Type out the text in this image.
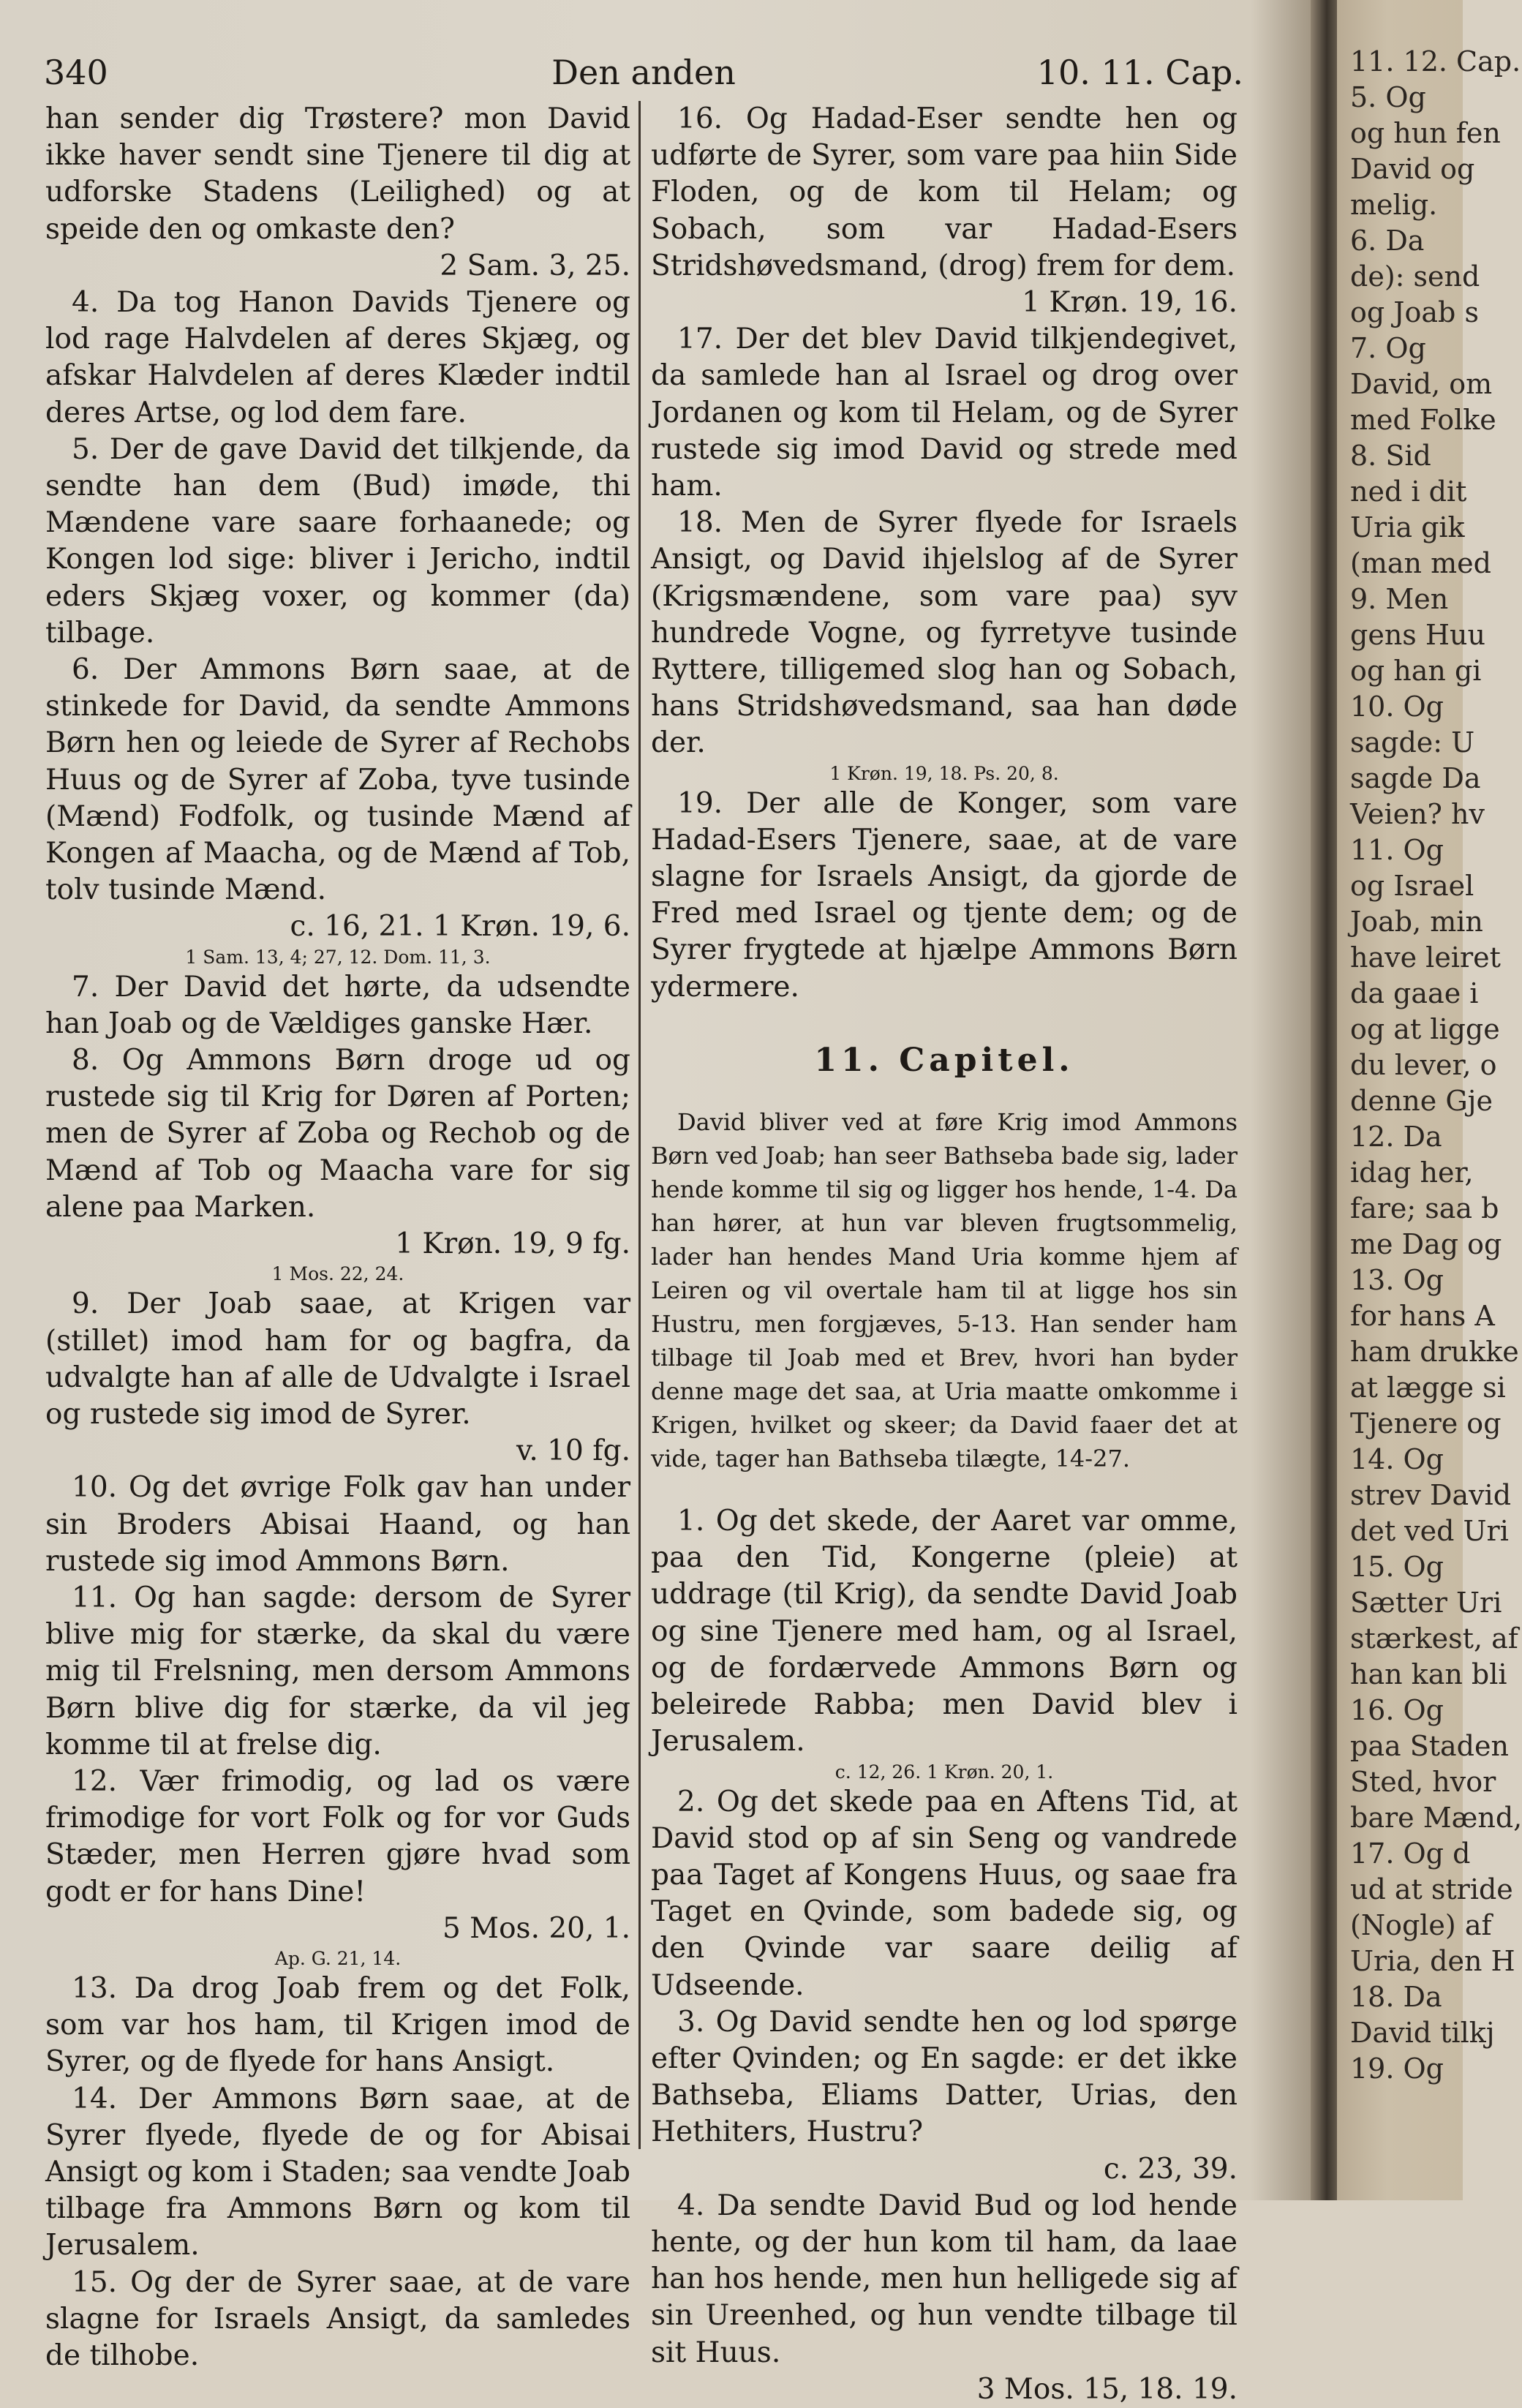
340	Den anden	10. 11. Cap.

han sender dig Trøstere? mon David ikke haver sendt sine Tjenere til dig at udforske Stadens (Leilighed) og at speide den og omkaste den?
2 Sam. 3, 25.

4. Da tog Hanon Davids Tjenere og lod rage Halvdelen af deres Skjæg, og afskar Halvdelen af deres Klæder indtil deres Artse, og lod dem fare.

5. Der de gave David det tilkjende, da sendte han dem (Bud) imøde, thi Mændene vare saare forhaanede; og Kongen lod sige: bliver i Jericho, indtil eders Skjæg voxer, og kommer (da) tilbage.

6. Der Ammons Børn saae, at de stinkede for David, da sendte Ammons Børn hen og leiede de Syrer af Rechobs Huus og de Syrer af Zoba, tyve tusinde (Mænd) Fodfolk, og tusinde Mænd af Kongen af Maacha, og de Mænd af Tob, tolv tusinde Mænd.
c. 16, 21. 1 Krøn. 19, 6.

1 Sam. 13, 4; 27, 12. Dom. 11, 3.

7. Der David det hørte, da udsendte han Joab og de Vældiges ganske Hær.

8. Og Ammons Børn droge ud og rustede sig til Krig for Døren af Porten; men de Syrer af Zoba og Rechob og de Mænd af Tob og Maacha vare for sig alene paa Marken.
1 Krøn. 19, 9 fg.

1 Mos. 22, 24.

9. Der Joab saae, at Krigen var (stillet) imod ham for og bagfra, da udvalgte han af alle de Udvalgte i Israel og rustede sig imod de Syrer.
v. 10 fg.

10. Og det øvrige Folk gav han under sin Broders Abisai Haand, og han rustede sig imod Ammons Børn.

11. Og han sagde: dersom de Syrer blive mig for stærke, da skal du være mig til Frelsning, men dersom Ammons Børn blive dig for stærke, da vil jeg komme til at frelse dig.

12. Vær frimodig, og lad os være frimodige for vort Folk og for vor Guds Stæder, men Herren gjøre hvad som godt er for hans Dine!
5 Mos. 20, 1.

Ap. G. 21, 14.

13. Da drog Joab frem og det Folk, som var hos ham, til Krigen imod de Syrer, og de flyede for hans Ansigt.

14. Der Ammons Børn saae, at de Syrer flyede, flyede de og for Abisai Ansigt og kom i Staden; saa vendte Joab tilbage fra Ammons Børn og kom til Jerusalem.

15. Og der de Syrer saae, at de vare slagne for Israels Ansigt, da samledes de tilhobe.

16. Og Hadad-Eser sendte hen og udførte de Syrer, som vare paa hiin Side Floden, og de kom til Helam; og Sobach, som var Hadad-Esers Stridshøvedsmand, (drog) frem for dem.
1 Krøn. 19, 16.

17. Der det blev David tilkjendegivet, da samlede han al Israel og drog over Jordanen og kom til Helam, og de Syrer rustede sig imod David og strede med ham.

18. Men de Syrer flyede for Israels Ansigt, og David ihjelslog af de Syrer (Krigsmændene, som vare paa) syv hundrede Vogne, og fyrretyve tusinde Ryttere, tilligemed slog han og Sobach, hans Stridshøvedsmand, saa han døde der.

1 Krøn. 19, 18. Ps. 20, 8.

19. Der alle de Konger, som vare Hadad-Esers Tjenere, saae, at de vare slagne for Israels Ansigt, da gjorde de Fred med Israel og tjente dem; og de Syrer frygtede at hjælpe Ammons Børn ydermere.

11. Capitel.

David bliver ved at føre Krig imod Ammons Børn ved Joab; han seer Bathseba bade sig, lader hende komme til sig og ligger hos hende, 1-4. Da han hører, at hun var bleven frugtsommelig, lader han hendes Mand Uria komme hjem af Leiren og vil overtale ham til at ligge hos sin Hustru, men forgjæves, 5-13. Han sender ham tilbage til Joab med et Brev, hvori han byder denne mage det saa, at Uria maatte omkomme i Krigen, hvilket og skeer; da David faaer det at vide, tager han Bathseba tilægte, 14-27.

1. Og det skede, der Aaret var omme, paa den Tid, Kongerne (pleie) at uddrage (til Krig), da sendte David Joab og sine Tjenere med ham, og al Israel, og de fordærvede Ammons Børn og beleirede Rabba; men David blev i Jerusalem.

c. 12, 26. 1 Krøn. 20, 1.

2. Og det skede paa en Aftens Tid, at David stod op af sin Seng og vandrede paa Taget af Kongens Huus, og saae fra Taget en Qvinde, som badede sig, og den Qvinde var saare deilig af Udseende.

3. Og David sendte hen og lod spørge efter Qvinden; og En sagde: er det ikke Bathseba, Eliams Datter, Urias, den Hethiters, Hustru?
c. 23, 39.

4. Da sendte David Bud og lod hende hente, og der hun kom til ham, da laae han hos hende, men hun helligede sig af sin Ureenhed, og hun vendte tilbage til sit Huus.
3 Mos. 15, 18. 19.

11. 12. Cap.
5. Og
og hun fen
David og
melig.
6. Da
de): send
og Joab s
7. Og
David, om
med Folke
8. Sid
ned i dit
Uria gik
(man med
9. Men
gens Huu
og han gi
10. Og
sagde: U
sagde Da
Veien? hv
11. Og
og Israel
Joab, min
have leiret
da gaae i
og at ligge
du lever, o
denne Gje
12. Da
idag her,
fare; saa b
me Dag og
13. Og
for hans A
ham drukke
at lægge si
Tjenere og
14. Og
strev David
det ved Uri
15. Og
Sætter Uri
stærkest, af
han kan bli
16. Og
paa Staden
Sted, hvor
bare Mænd,
17. Og d
ud at stride
(Nogle) af
Uria, den H
18. Da
David tilkj
19. Og
